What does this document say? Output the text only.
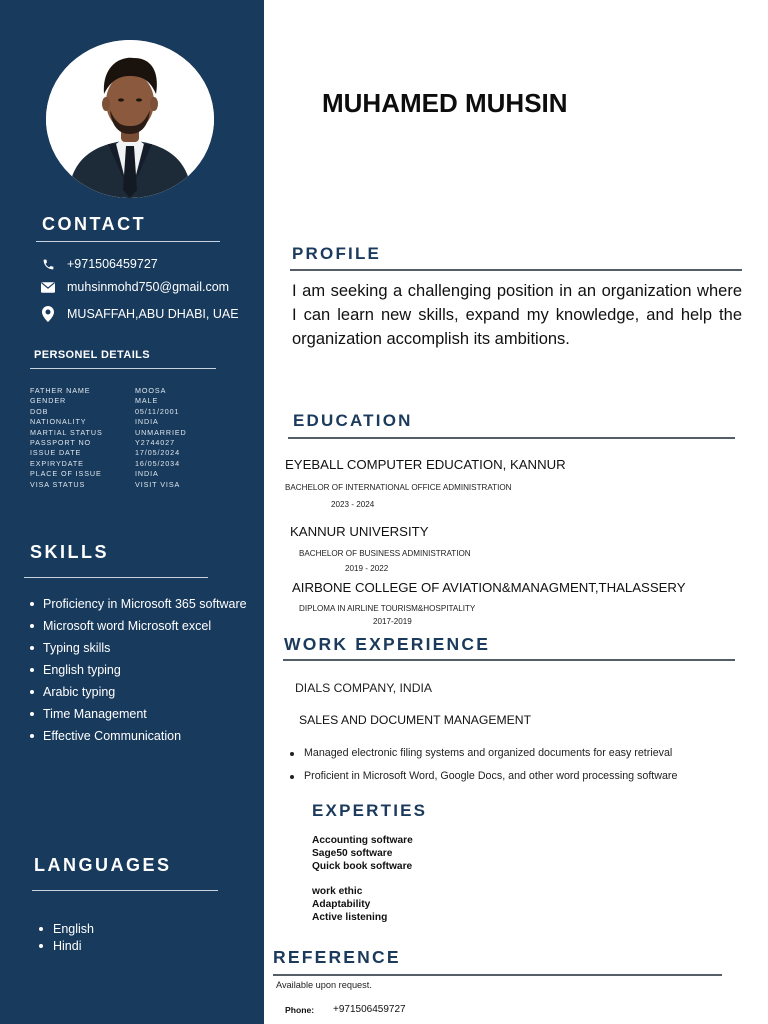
CONTACT
+971506459727
muhsinmohd750@gmail.com
MUSAFFAH,ABU DHABI, UAE
PERSONEL DETAILS
FATHER NAME	MOOSA
GENDER	MALE
DOB	05/11/2001
NATIONALITY	INDIA
MARTIAL STATUS	UNMARRIED
PASSPORT NO	Y2744027
ISSUE DATE	17/05/2024
EXPIRYDATE	16/05/2034
PLACE OF ISSUE	INDIA
VISA STATUS	VISIT VISA
SKILLS
Proficiency in Microsoft 365 software
Microsoft word Microsoft excel
Typing skills
English typing
Arabic typing
Time Management
Effective Communication
LANGUAGES
English
Hindi
MUHAMED MUHSIN
PROFILE

I am seeking a challenging position in an organization where I can learn new skills, expand my knowledge, and help the organization accomplish its ambitions.

EDUCATION
EYEBALL COMPUTER EDUCATION, KANNUR
BACHELOR OF INTERNATIONAL OFFICE ADMINISTRATION
2023 - 2024
KANNUR UNIVERSITY
BACHELOR OF BUSINESS ADMINISTRATION
2019 - 2022
AIRBONE COLLEGE OF AVIATION&MANAGMENT,THALASSERY
DIPLOMA IN AIRLINE TOURISM&HOSPITALITY
2017-2019
WORK EXPERIENCE
DIALS COMPANY, INDIA
SALES AND DOCUMENT MANAGEMENT
Managed electronic filing systems and organized documents for easy retrieval
Proficient in Microsoft Word, Google Docs, and other word processing software
EXPERTIES
Accounting software
Sage50 software
Quick book software
work ethic
Adaptability
Active listening
REFERENCE
Available upon request.
Phone: +971506459727
